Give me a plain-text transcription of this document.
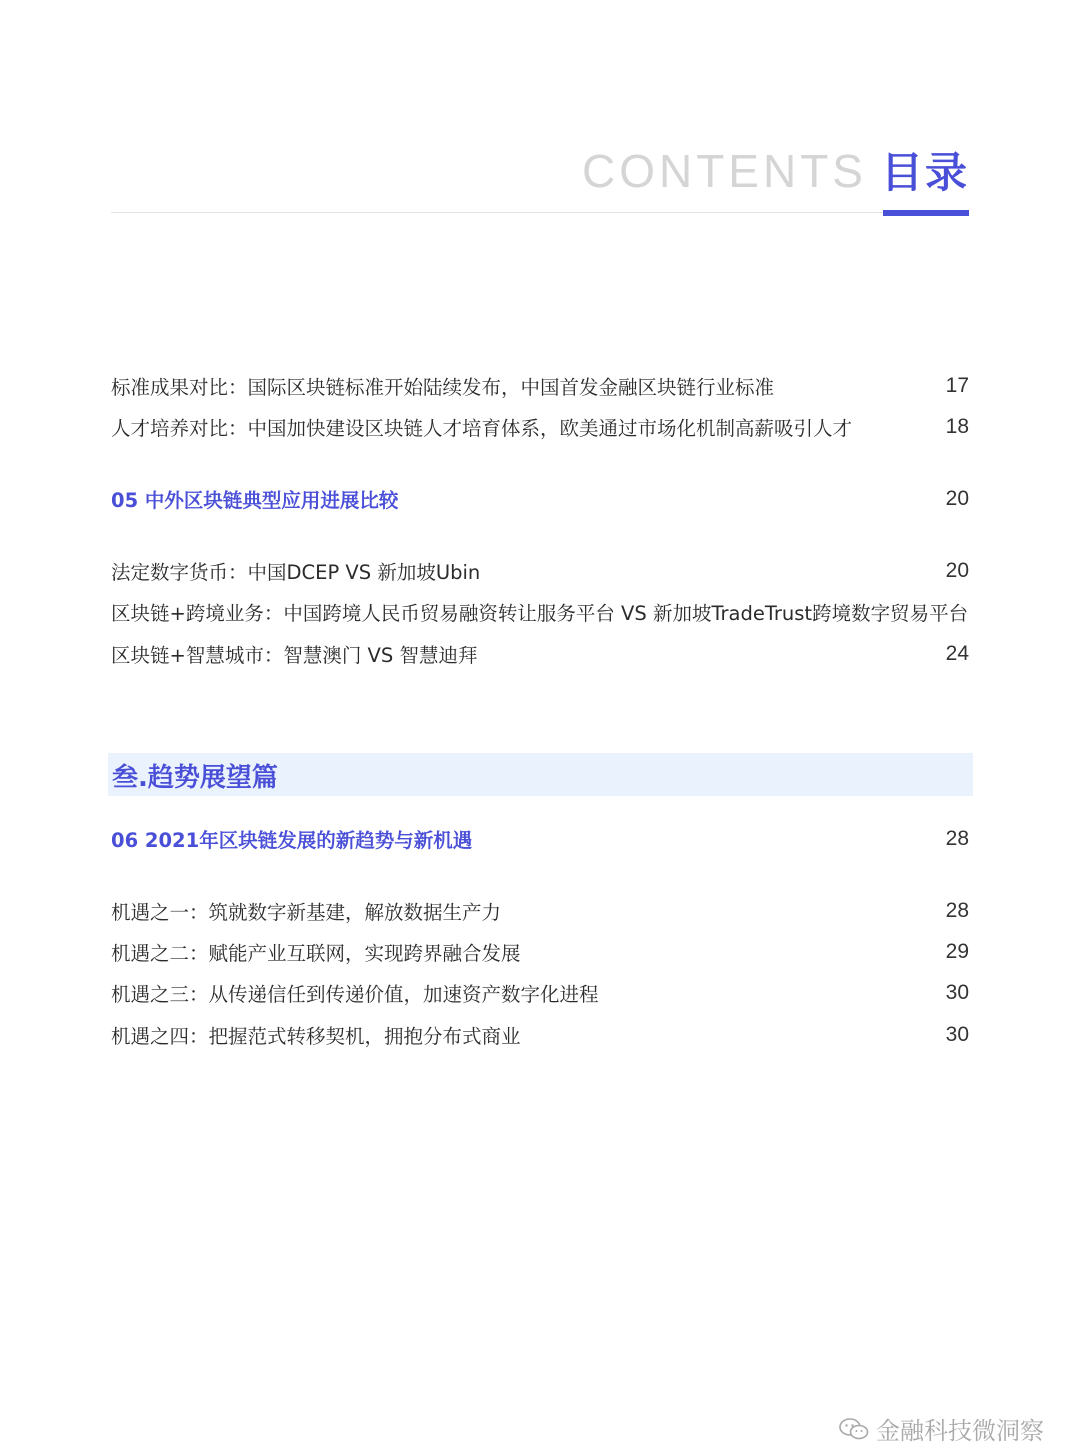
CONTENTS 目录
标准成果对比：国际区块链标准开始陆续发布，中国首发金融区块链行业标准	17
人才培养对比：中国加快建设区块链人才培育体系，欧美通过市场化机制高薪吸引人才	18
05 中外区块链典型应用进展比较	20
法定数字货币：中国DCEP VS 新加坡Ubin	20
区块链+跨境业务：中国跨境人民币贸易融资转让服务平台 VS 新加坡TradeTrust跨境数字贸易平台
区块链+智慧城市：智慧澳门 VS 智慧迪拜	24
06 2021年区块链发展的新趋势与新机遇	28
机遇之一：筑就数字新基建，解放数据生产力	28
机遇之二：赋能产业互联网，实现跨界融合发展	29
机遇之三：从传递信任到传递价值，加速资产数字化进程	30
机遇之四：把握范式转移契机，拥抱分布式商业	30
叁.趋势展望篇
金融科技微洞察
